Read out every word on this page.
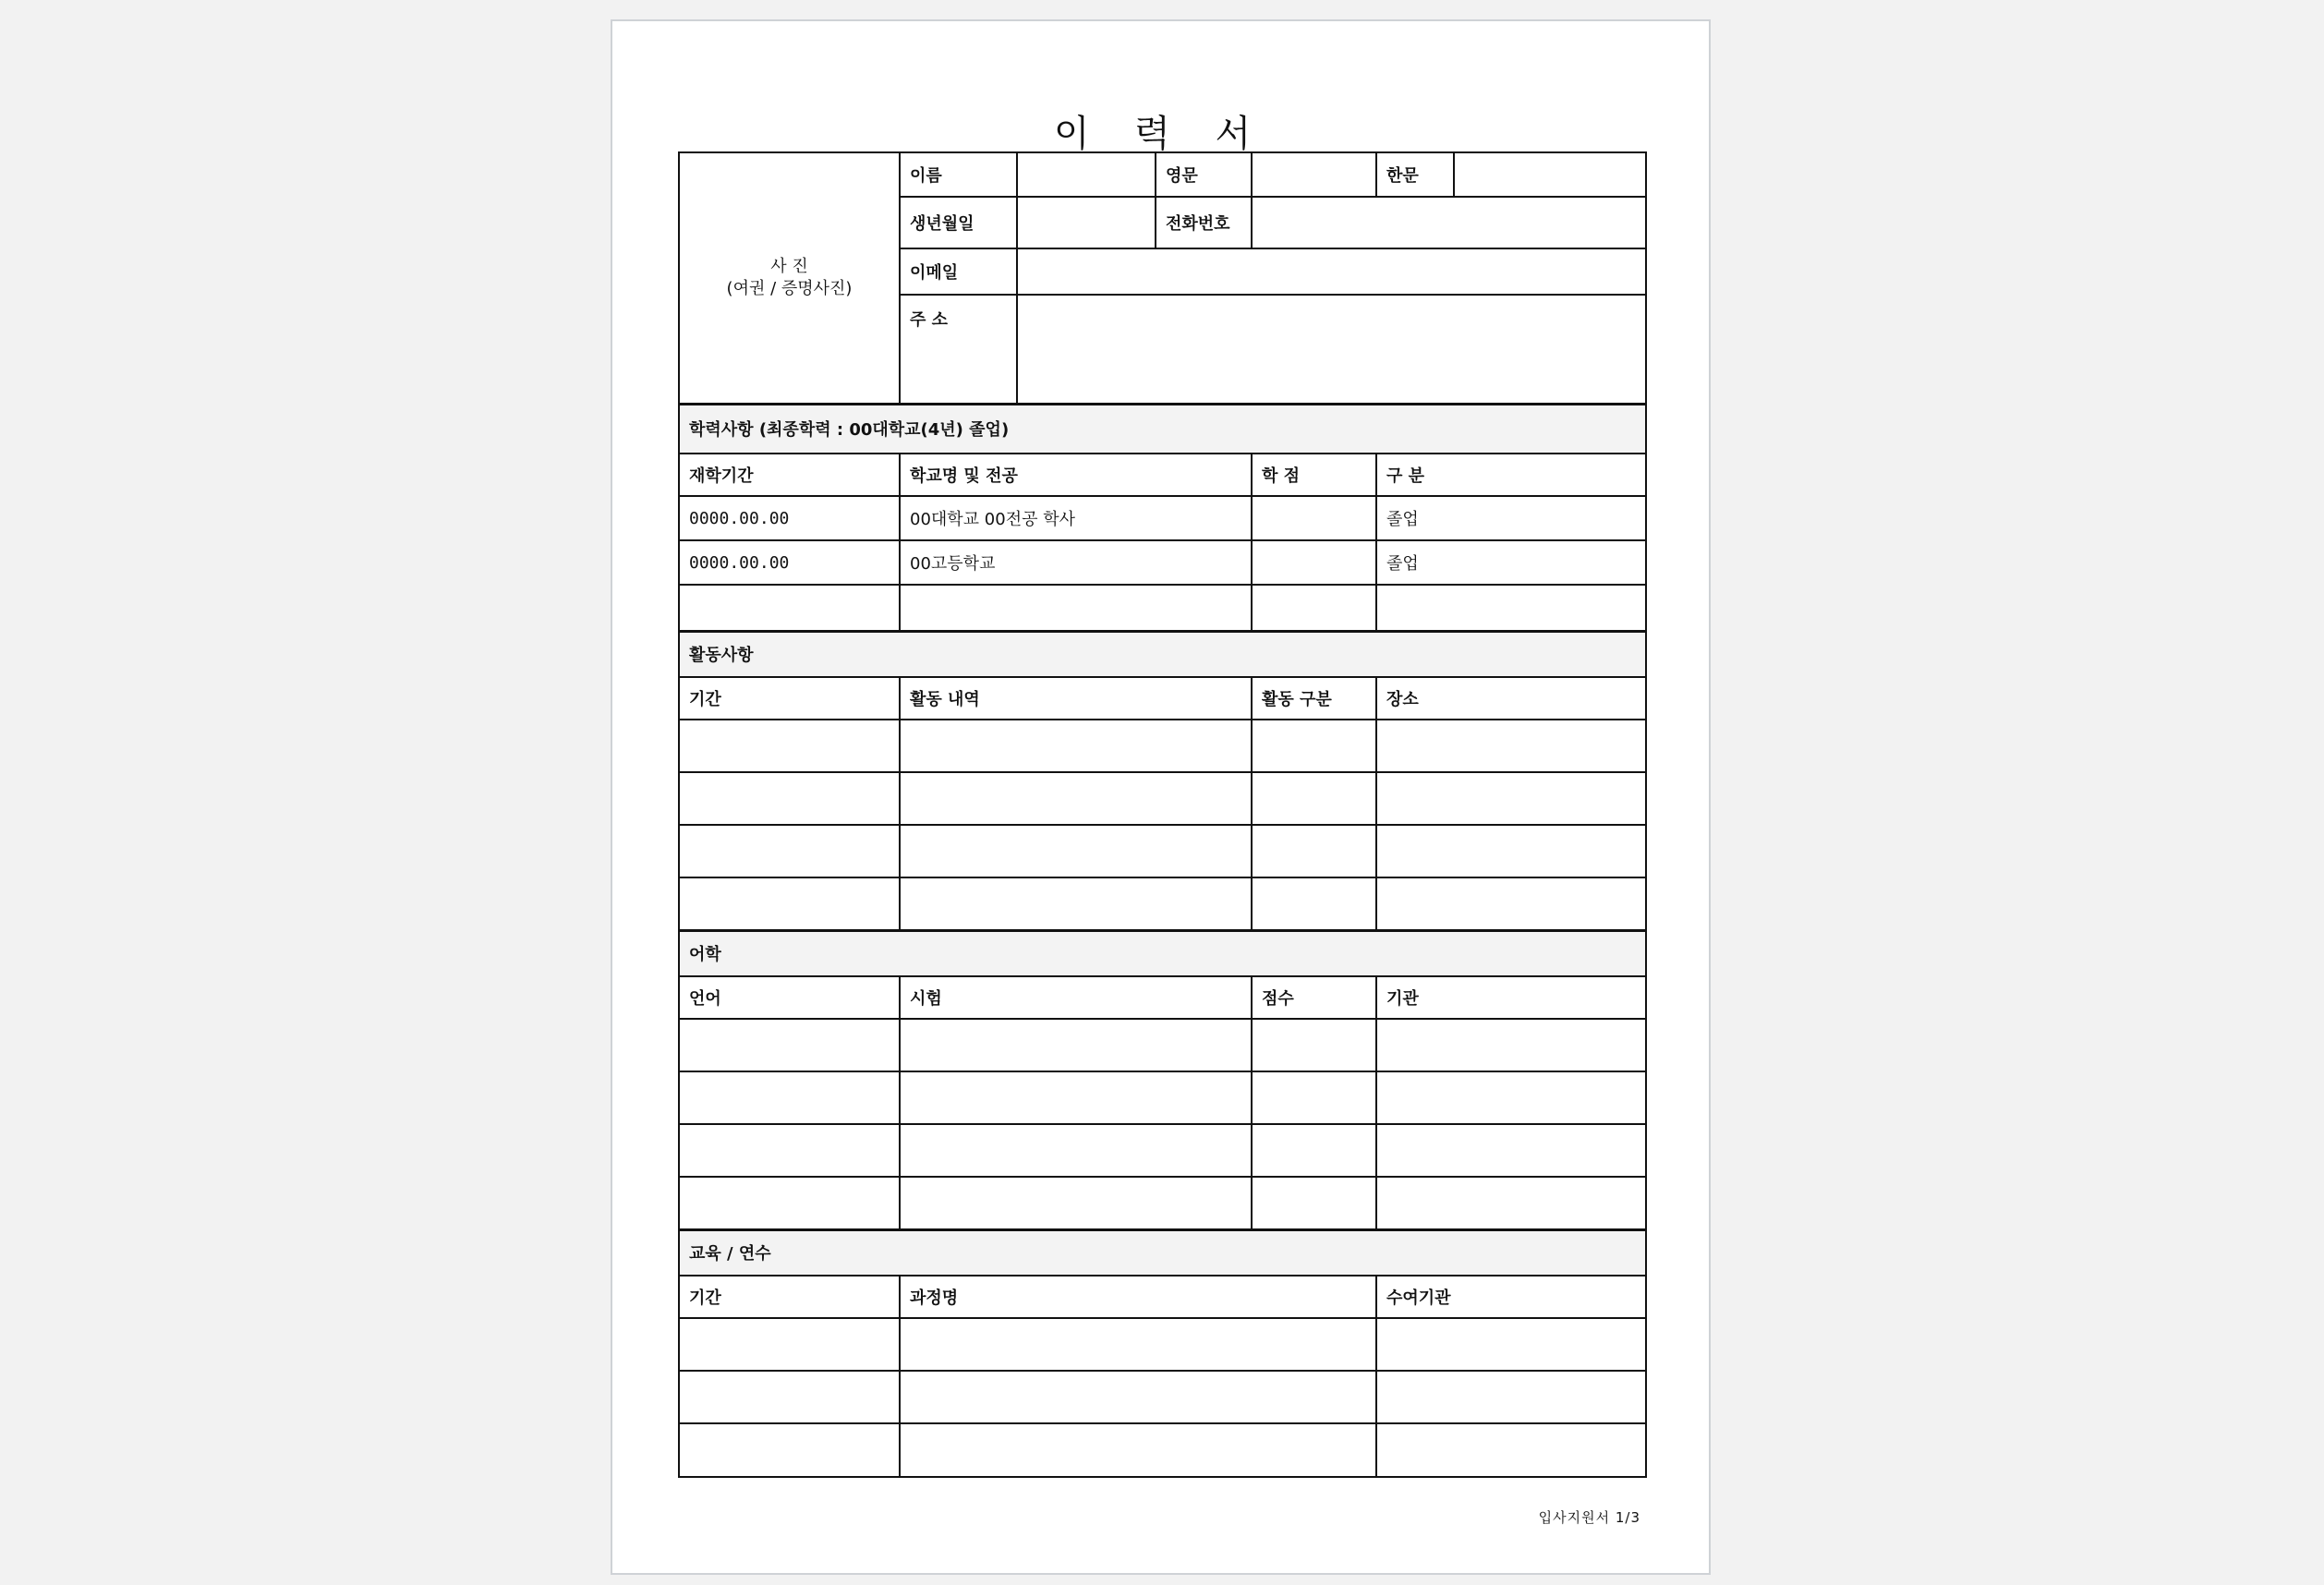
이 력 서
사 진
(여권 / 증명사진)	이름		영문		한문	
	생년월일		전화번호			
	이메일					
	주 소					
학력사항 (최종학력 : 00대학교(4년) 졸업)						
재학기간	학교명 및 전공			학 점	구 분	
0000.00.00	00대학교 00전공 학사				졸업	
0000.00.00	00고등학교				졸업	

활동사항						
기간	활동 내역			활동 구분	장소	

어학						
언어	시험			점수	기관	

교육 / 연수						
기간	과정명				수여기관	

입사지원서 1/3
